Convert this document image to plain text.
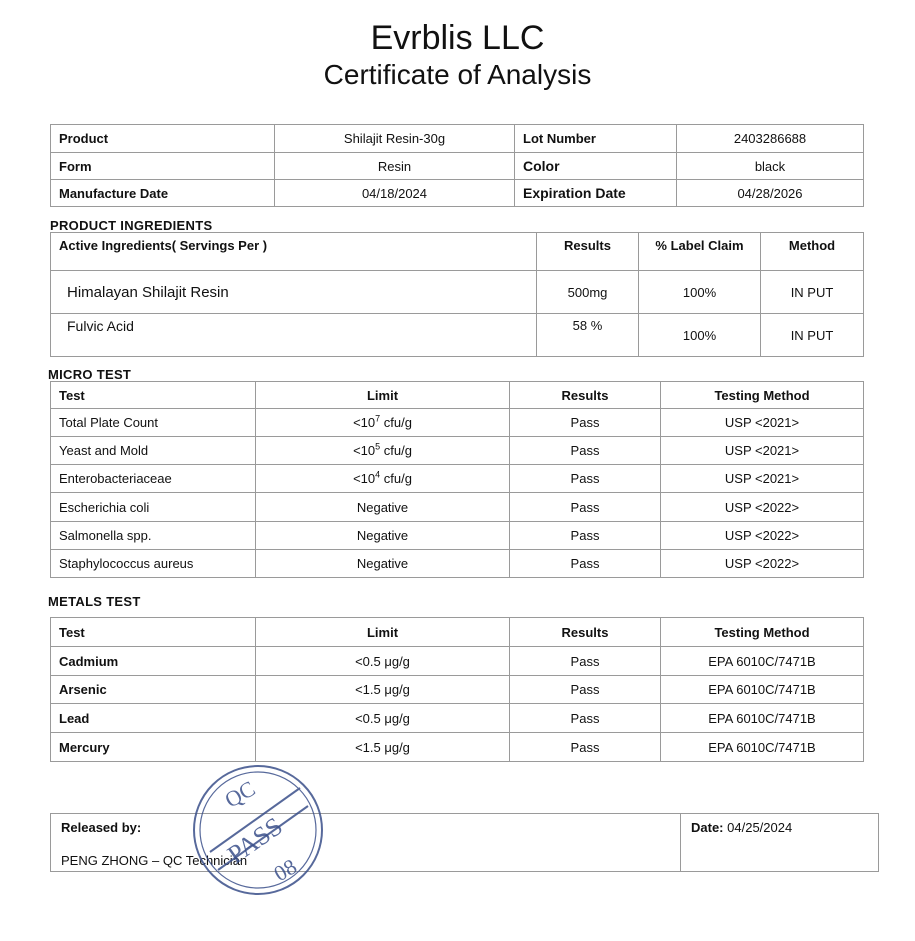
Evrblis LLC
Certificate of Analysis
Product	Shilajit Resin-30g	Lot Number	2403286688
Form	Resin	Color	black
Manufacture Date	04/18/2024	Expiration Date	04/28/2026
PRODUCT INGREDIENTS
Active Ingredients( Servings Per )	Results	% Label Claim	Method
Himalayan Shilajit Resin	500mg	100%	IN PUT
Fulvic Acid	58 %	100%	IN PUT
MICRO TEST
Test	Limit	Results	Testing Method
Total Plate Count	$<10^7$ cfu/g	Pass	USP <2021>
Yeast and Mold	$<10^5$ cfu/g	Pass	USP <2021>
Enterobacteriaceae	$<10^4$ cfu/g	Pass	USP <2021>
Escherichia coli	Negative	Pass	USP <2022>
Salmonella spp.	Negative	Pass	USP <2022>
Staphylococcus aureus	Negative	Pass	USP <2022>
METALS TEST
Test	Limit	Results	Testing Method
Cadmium	<0.5 μg/g	Pass	EPA 6010C/7471B
Arsenic	<1.5 μg/g	Pass	EPA 6010C/7471B
Lead	<0.5 μg/g	Pass	EPA 6010C/7471B
Mercury	<1.5 μg/g	Pass	EPA 6010C/7471B
Released by:
PENG ZHONG – QC Technician
	Date: 04/25/2024
QC
PASS
08
